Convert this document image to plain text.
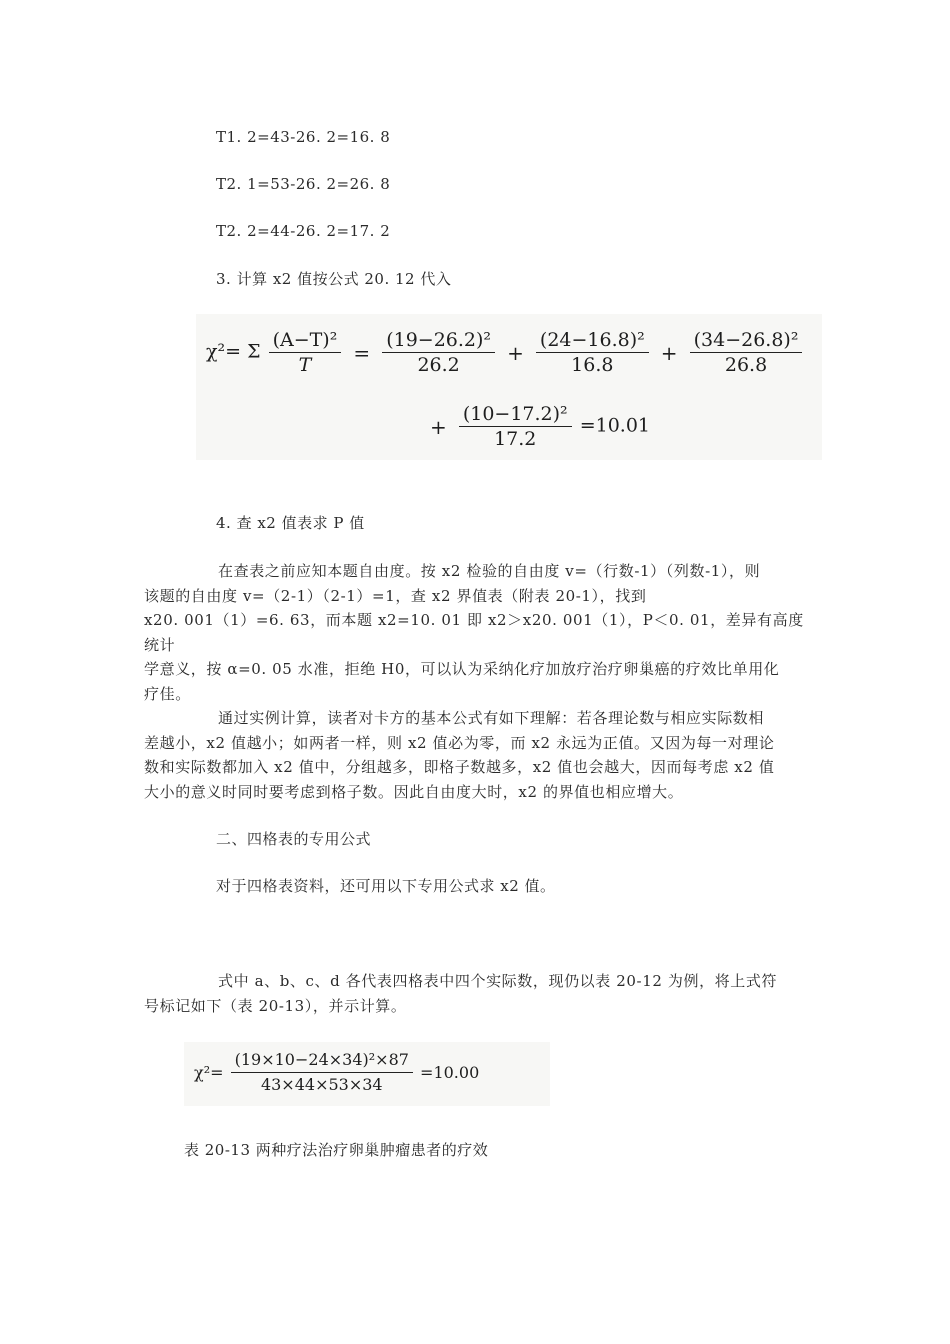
T1. 2=43-26. 2=16. 8
T2. 1=53-26. 2=26. 8
T2. 2=44-26. 2=17. 2
3. 计算 x2 值按公式 20. 12 代入
χ²= Σ $\frac{\text{(A−T)²}}{T} = \frac{\text{(19−26.2)²}}{26.2} + \frac{\text{(24−16.8)²}}{16.8} + \frac{\text{(34−26.8)²}}{26.8}$
+ $\frac{\text{(10−17.2)²}}{17.2} =10.01$
4. 查 x2 值表求 P 值
在查表之前应知本题自由度。按 x2 检验的自由度 v=（行数-1）（列数-1），则
该题的自由度 v=（2-1）（2-1）=1，查 x2 界值表（附表 20-1），找到
x20. 001（1）=6. 63，而本题 x2=10. 01 即 x2＞x20. 001（1），P＜0. 01，差异有高度统计
学意义，按 α=0. 05 水准，拒绝 H0，可以认为采纳化疗加放疗治疗卵巢癌的疗效比单用化
疗佳。
通过实例计算，读者对卡方的基本公式有如下理解：若各理论数与相应实际数相
差越小，x2 值越小；如两者一样，则 x2 值必为零，而 x2 永远为正值。又因为每一对理论
数和实际数都加入 x2 值中，分组越多，即格子数越多，x2 值也会越大，因而每考虑 x2 值
大小的意义时同时要考虑到格子数。因此自由度大时，x2 的界值也相应增大。
二、四格表的专用公式
对于四格表资料，还可用以下专用公式求 x2 值。
式中 a、b、c、d 各代表四格表中四个实际数，现仍以表 20-12 为例，将上式符
号标记如下（表 20-13），并示计算。
$\chi^2= \frac{\text{(19×10−24×34)²×87}}{43\times 44\times 53\times 34} =10.00$
表 20-13 两种疗法治疗卵巢肿瘤患者的疗效
